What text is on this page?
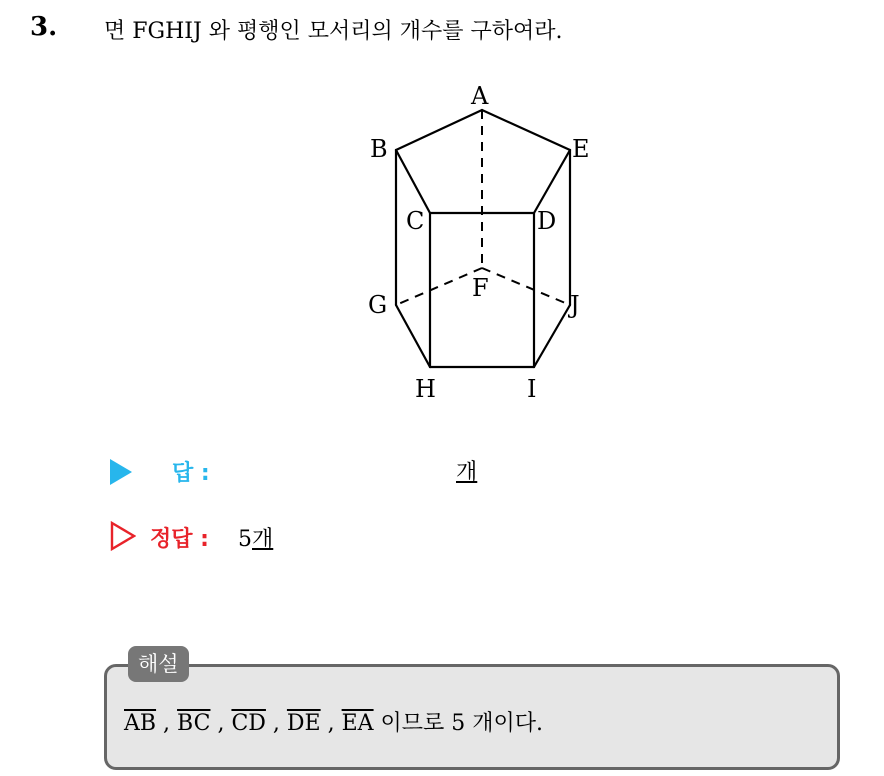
3. 면 FGHIJ 와 평행인 모서리의 개수를 구하여라.
A
B
C	D
E
F
G
H	I
J
답 :	개
정답 : 5개
해설
$\overline{AB}$ , $\overline{BC}$ , $\overline{CD}$ , $\overline{DE}$ , $\overline{EA}$ 이므로 5 개이다.
